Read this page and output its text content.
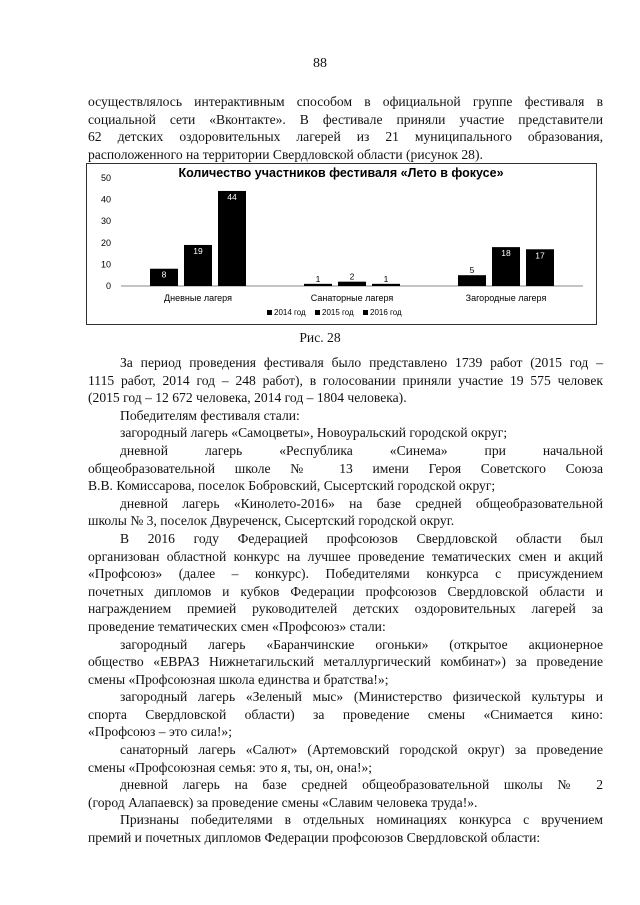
88

осуществлялось интерактивным способом в официальной группе фестиваля в

социальной сети «Вконтакте». В фестивале приняли участие представители

62 детских оздоровительных лагерей из 21 муниципального образования,

расположенного на территории Свердловской области (рисунок 28).

Количество участников фестиваля «Лето в фокусе»
0
10
20
30
40
50
8
19
44
Дневные лагеря
1	2	1
Санаторные лагеря
5
18	17
Загородные лагеря
2014 год 2015 год 2016 год
Рис. 28

За период проведения фестиваля было представлено 1739 работ (2015 год –

1115 работ, 2014 год – 248 работ), в голосовании приняли участие 19 575 человек

(2015 год – 12 672 человека, 2014 год – 1804 человека).

Победителям фестиваля стали:

загородный лагерь «Самоцветы», Новоуральский городской округ;

дневной лагерь «Республика «Синема» при начальной

общеобразовательной школе № 13 имени Героя Советского Союза

В.В. Комиссарова, поселок Бобровский, Сысертский городской округ;

дневной лагерь «Кинолето-2016» на базе средней общеобразовательной

школы № 3, поселок Двуреченск, Сысертский городской округ.

В 2016 году Федерацией профсоюзов Свердловской области был

организован областной конкурс на лучшее проведение тематических смен и акций

«Профсоюз» (далее – конкурс). Победителями конкурса с присуждением

почетных дипломов и кубков Федерации профсоюзов Свердловской области и

награждением премией руководителей детских оздоровительных лагерей за

проведение тематических смен «Профсоюз» стали:

загородный лагерь «Баранчинские огоньки» (открытое акционерное

общество «ЕВРАЗ Нижнетагильский металлургический комбинат») за проведение

смены «Профсоюзная школа единства и братства!»;

загородный лагерь «Зеленый мыс» (Министерство физической культуры и

спорта Свердловской области) за проведение смены «Снимается кино:

«Профсоюз – это сила!»;

санаторный лагерь «Салют» (Артемовский городской округ) за проведение

смены «Профсоюзная семья: это я, ты, он, она!»;

дневной лагерь на базе средней общеобразовательной школы № 2

(город Алапаевск) за проведение смены «Славим человека труда!».

Признаны победителями в отдельных номинациях конкурса с вручением

премий и почетных дипломов Федерации профсоюзов Свердловской области:
